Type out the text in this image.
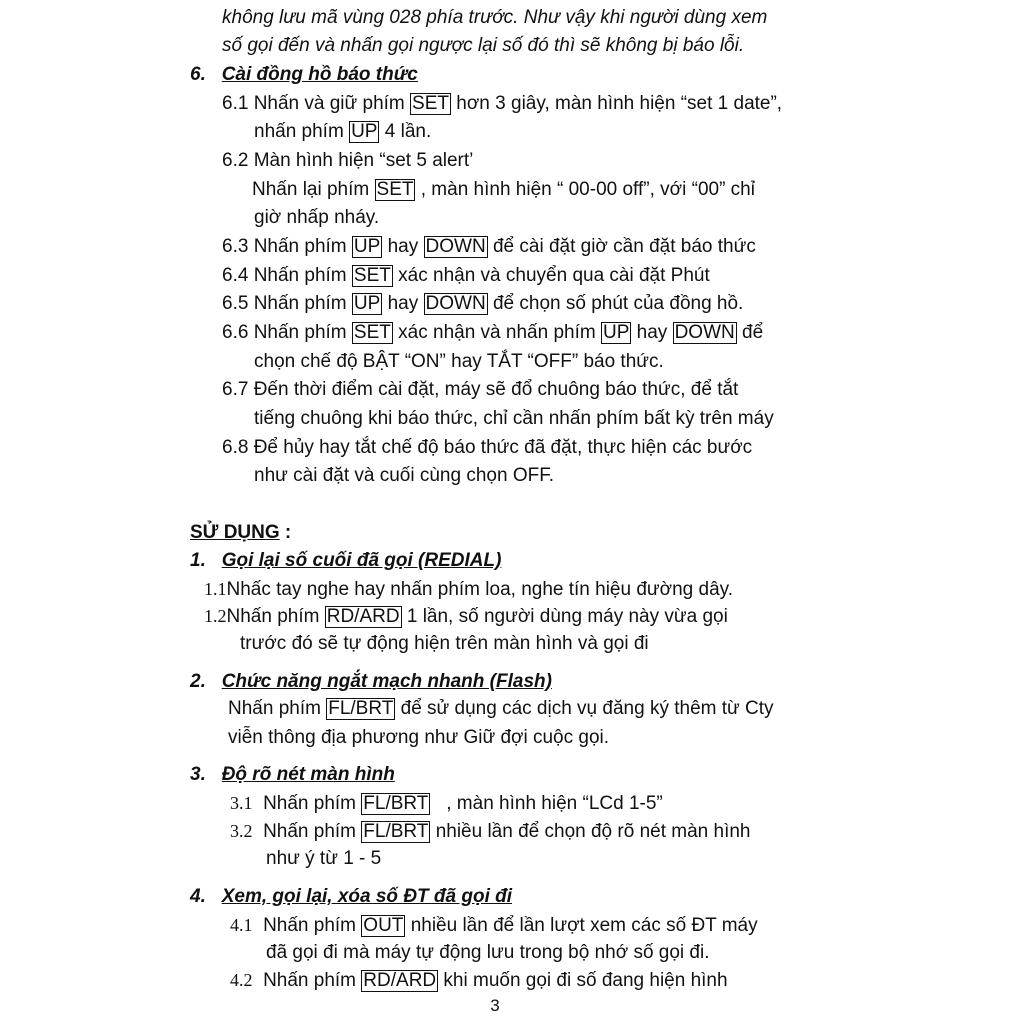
không lưu mã vùng 028 phía trước. Như vậy khi người dùng xem
số gọi đến và nhấn gọi ngược lại số đó thì sẽ không bị báo lỗi.
6. Cài đồng hồ báo thức
6.1 Nhấn và giữ phím SET hơn 3 giây, màn hình hiện “set 1 date”,
nhấn phím UP 4 lần.
6.2 Màn hình hiện “set 5 alert’
Nhấn lại phím SET , màn hình hiện “ 00-00 off”, với “00” chỉ
giờ nhấp nháy.
6.3 Nhấn phím UP hay DOWN để cài đặt giờ cần đặt báo thức
6.4 Nhấn phím SET xác nhận và chuyển qua cài đặt Phút
6.5 Nhấn phím UP hay DOWN để chọn số phút của đồng hồ.
6.6 Nhấn phím SET xác nhận và nhấn phím UP hay DOWN để
chọn chế độ BẬT “ON” hay TẮT “OFF” báo thức.
6.7 Đến thời điểm cài đặt, máy sẽ đổ chuông báo thức, để tắt
tiếng chuông khi báo thức, chỉ cần nhấn phím bất kỳ trên máy
6.8 Để hủy hay tắt chế độ báo thức đã đặt, thực hiện các bước
như cài đặt và cuối cùng chọn OFF.
SỬ DỤNG :
1. Gọi lại số cuối đã gọi (REDIAL)
1.1Nhấc tay nghe hay nhấn phím loa, nghe tín hiệu đường dây.
1.2Nhấn phím RD/ARD 1 lần, số người dùng máy này vừa gọi
trước đó sẽ tự động hiện trên màn hình và gọi đi
2. Chức năng ngắt mạch nhanh (Flash)
Nhấn phím FL/BRT để sử dụng các dịch vụ đăng ký thêm từ Cty
viễn thông địa phương như Giữ đợi cuộc gọi.
3. Độ rõ nét màn hình
3.1 Nhấn phím FL/BRT , màn hình hiện “LCd 1-5”
3.2 Nhấn phím FL/BRT nhiều lần để chọn độ rõ nét màn hình
như ý từ 1 - 5
4. Xem, gọi lại, xóa số ĐT đã gọi đi
4.1 Nhấn phím OUT nhiều lần để lần lượt xem các số ĐT máy
đã gọi đi mà máy tự động lưu trong bộ nhớ số gọi đi.
4.2 Nhấn phím RD/ARD khi muốn gọi đi số đang hiện hình
3
